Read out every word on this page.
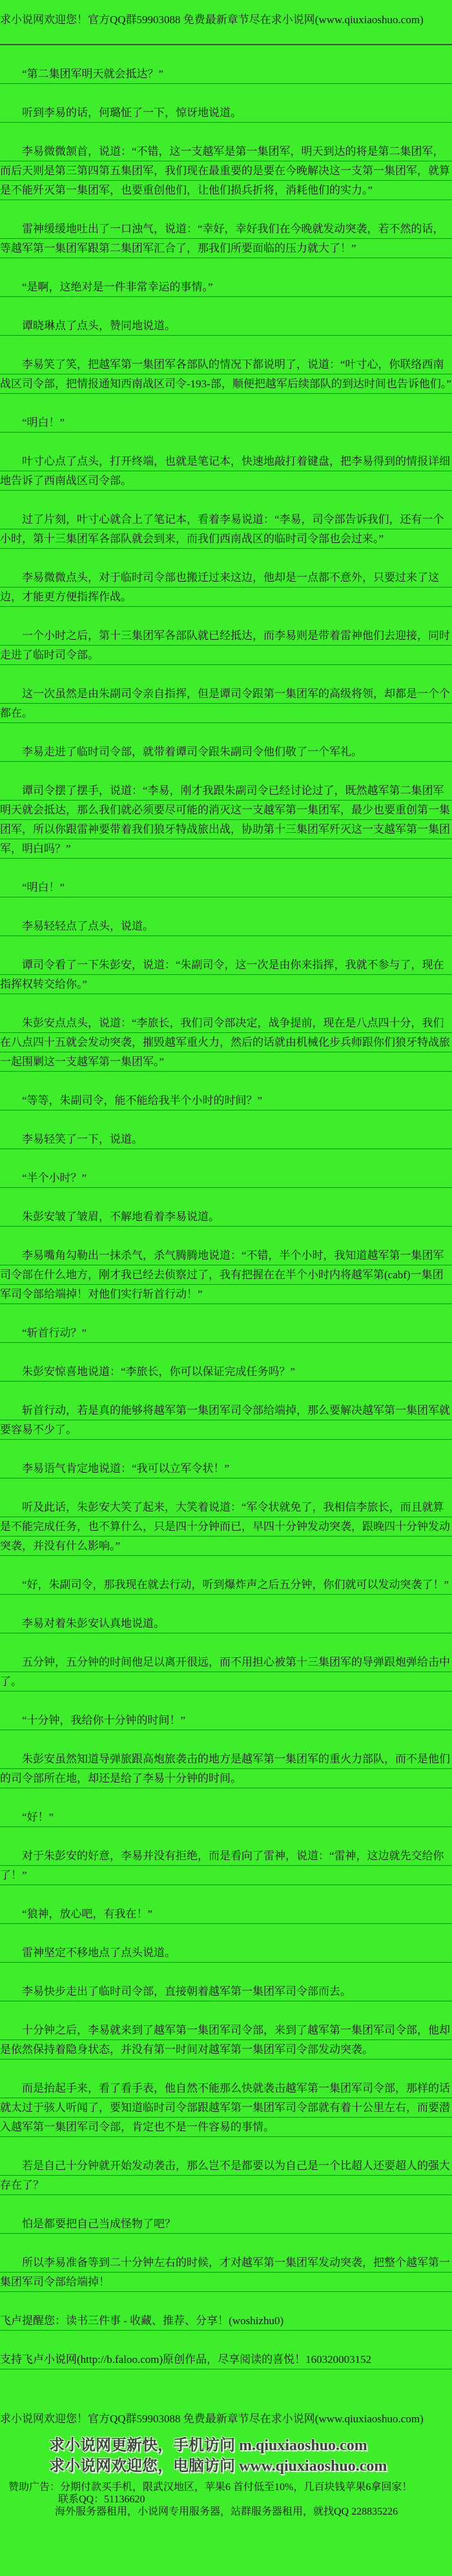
求小说网欢迎您！官方QQ群59903088 免费最新章节尽在求小说网(www.qiuxiaoshuo.com)

“第二集团军明天就会抵达？”

听到李易的话，何璐怔了一下，惊讶地说道。

李易微微颔首，说道：“不错，这一支越军是第一集团军，明天到达的将是第二集团军，而后天则是第三第四第五集团军，我们现在最重要的是要在今晚解决这一支第一集团军，就算是不能歼灭第一集团军，也要重创他们，让他们损兵折将，消耗他们的实力。”

雷神缓缓地吐出了一口浊气，说道：“幸好，幸好我们在今晚就发动突袭，若不然的话，等越军第一集团军跟第二集团军汇合了，那我们所要面临的压力就大了！”

“是啊，这绝对是一件非常幸运的事情。”

谭晓琳点了点头，赞同地说道。

李易笑了笑，把越军第一集团军各部队的情况下都说明了，说道：“叶寸心，你联络西南战区司令部，把情报通知西南战区司令-193-部，顺便把越军后续部队的到达时间也告诉他们。”

“明白！”

叶寸心点了点头，打开终端，也就是笔记本，快速地敲打着键盘，把李易得到的情报详细地告诉了西南战区司令部。

过了片刻，叶寸心就合上了笔记本，看着李易说道：“李易，司令部告诉我们，还有一个小时，第十三集团军各部队就会到来，而我们西南战区的临时司令部也会过来。”

李易微微点头，对于临时司令部也搬迁过来这边，他却是一点都不意外，只要过来了这边，才能更方便指挥作战。

一个小时之后，第十三集团军各部队就已经抵达，而李易则是带着雷神他们去迎接，同时走进了临时司令部。

这一次虽然是由朱副司令亲自指挥，但是谭司令跟第一集团军的高级将领，却都是一个个都在。

李易走进了临时司令部，就带着谭司令跟朱副司令他们敬了一个军礼。

谭司令摆了摆手，说道：“李易，刚才我跟朱副司令已经讨论过了，既然越军第二集团军明天就会抵达，那么我们就必须要尽可能的消灭这一支越军第一集团军，最少也要重创第一集团军，所以你跟雷神要带着我们狼牙特战旅出战，协助第十三集团军歼灭这一支越军第一集团军，明白吗？”

“明白！”

李易轻轻点了点头，说道。

谭司令看了一下朱彭安，说道：“朱副司令，这一次是由你来指挥，我就不参与了，现在指挥权转交给你。”

朱彭安点点头，说道：“李旅长，我们司令部决定，战争提前，现在是八点四十分，我们在八点四十五就会发动突袭，摧毁越军重火力，然后的话就由机械化步兵师跟你们狼牙特战旅一起围剿这一支越军第一集团军。”

“等等，朱副司令，能不能给我半个小时的时间？”

李易轻笑了一下，说道。

“半个小时？”

朱彭安皱了皱眉，不解地看着李易说道。

李易嘴角勾勒出一抹杀气，杀气腾腾地说道：“不错，半个小时，我知道越军第一集团军司令部在什么地方，刚才我已经去侦察过了，我有把握在在半个小时内将越军第(cabf)一集团军司令部给端掉！对他们实行斩首行动！”

“斩首行动？”

朱彭安惊喜地说道：“李旅长，你可以保证完成任务吗？”

斩首行动，若是真的能够将越军第一集团军司令部给端掉，那么要解决越军第一集团军就要容易不少了。

李易语气肯定地说道：“我可以立军令状！”

听及此话，朱彭安大笑了起来，大笑着说道：“军令状就免了，我相信李旅长，而且就算是不能完成任务，也不算什么，只是四十分钟而已，早四十分钟发动突袭，跟晚四十分钟发动突袭，并没有什么影响。”

“好，朱副司令，那我现在就去行动，听到爆炸声之后五分钟，你们就可以发动突袭了！”

李易对着朱彭安认真地说道。

五分钟，五分钟的时间他足以离开很远，而不用担心被第十三集团军的导弹跟炮弹给击中了。

“十分钟，我给你十分钟的时间！”

朱彭安虽然知道导弹旅跟高炮旅袭击的地方是越军第一集团军的重火力部队，而不是他们的司令部所在地，却还是给了李易十分钟的时间。

“好！”

对于朱彭安的好意，李易并没有拒绝，而是看向了雷神，说道：“雷神，这边就先交给你了！”

“狼神，放心吧，有我在！”

雷神坚定不移地点了点头说道。

李易快步走出了临时司令部，直接朝着越军第一集团军司令部而去。

十分钟之后，李易就来到了越军第一集团军司令部，来到了越军第一集团军司令部，他却是依然保持着隐身状态，并没有第一时间对越军第一集团军司令部发动突袭。

而是抬起手来，看了看手表，他自然不能那么快就袭击越军第一集团军司令部，那样的话就太过于骇人听闻了，要知道临时司令部跟越军第一集团军司令部就有着十公里左右，而要潜入越军第一集团军司令部，肯定也不是一件容易的事情。

若是自己十分钟就开始发动袭击，那么岂不是都要以为自己是一个比超人还要超人的强大存在了？

怕是都要把自己当成怪物了吧？

所以李易准备等到二十分钟左右的时候，才对越军第一集团军发动突袭，把整个越军第一集团军司令部给端掉！

飞卢提醒您：读书三件事 - 收藏、推荐、分享！(woshizhu0)

支持飞卢小说网(http://b.faloo.com)原创作品，尽享阅读的喜悦！160320003152

求小说网欢迎您！官方QQ群59903088 免费最新章节尽在求小说网(www.qiuxiaoshuo.com)
求小说网更新快，手机访问 m.qiuxiaoshuo.com
求小说网欢迎您，电脑访问 www.qiuxiaoshuo.com
赞助广告：分期付款买手机，限武汉地区，苹果6 首付低至10%，几百块钱苹果6拿回家！
联系QQ：51136620
海外服务器租用，小说网专用服务器，站群服务器租用，就找QQ 228835226
